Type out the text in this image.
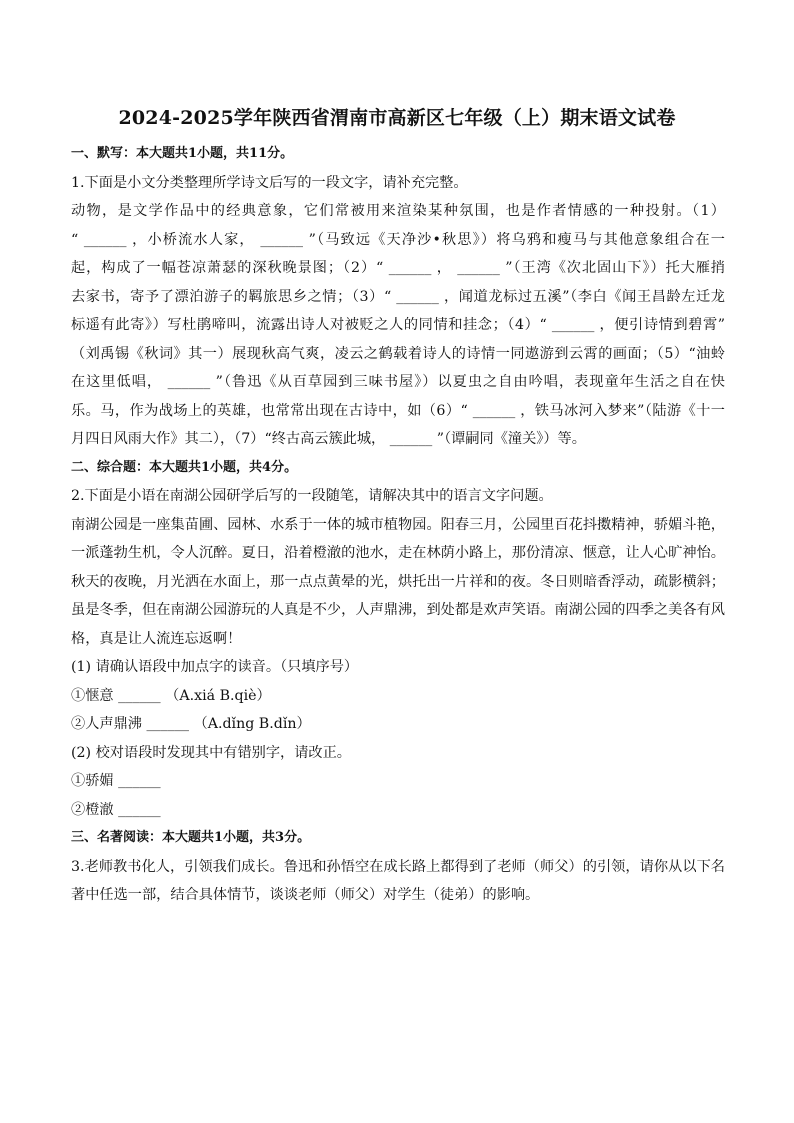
2024-2025学年陕西省渭南市高新区七年级（上）期末语文试卷
一、默写：本大题共1小题，共11分。
1.下面是小文分类整理所学诗文后写的一段文字，请补充完整。
动物，是文学作品中的经典意象，它们常被用来渲染某种氛围，也是作者情感的一种投射。（1）
“ ______ ，小桥流水人家， ______ ”（马致远《天净沙•秋思》）将乌鸦和瘦马与其他意象组合在一
起，构成了一幅苍凉萧瑟的深秋晚景图；（2）“ ______ ， ______ ”（王湾《次北固山下》）托大雁捎
去家书，寄予了漂泊游子的羁旅思乡之情；（3）“ ______ ，闻道龙标过五溪”（李白《闻王昌龄左迁龙
标遥有此寄》）写杜鹃啼叫，流露出诗人对被贬之人的同情和挂念；（4）“ ______ ，便引诗情到碧霄”
（刘禹锡《秋词》其一）展现秋高气爽，凌云之鹤载着诗人的诗情一同遨游到云霄的画面；（5）“油蛉
在这里低唱， ______ ”（鲁迅《从百草园到三味书屋》）以夏虫之自由吟唱，表现童年生活之自在快
乐。马，作为战场上的英雄，也常常出现在古诗中，如（6）“ ______ ，铁马冰河入梦来”（陆游《十一
月四日风雨大作》其二），（7）“终古高云簇此城， ______ ”（谭嗣同《潼关》）等。
二、综合题：本大题共1小题，共4分。
2.下面是小语在南湖公园研学后写的一段随笔，请解决其中的语言文字问题。
南湖公园是一座集苗圃、园林、水系于一体的城市植物园。阳春三月，公园里百花抖擞精神，骄媚斗艳，
一派蓬勃生机，令人沉醉。夏日，沿着橙澈的池水，走在林荫小路上，那份清凉、惬意，让人心旷神怡。
秋天的夜晚，月光洒在水面上，那一点点黄晕的光，烘托出一片祥和的夜。冬日则暗香浮动，疏影横斜；
虽是冬季，但在南湖公园游玩的人真是不少，人声鼎沸，到处都是欢声笑语。南湖公园的四季之美各有风
格，真是让人流连忘返啊！
(1) 请确认语段中加点字的读音。（只填序号）
①惬意 ______ （A.xiá B.qiè）
②人声鼎沸 ______ （A.dǐng B.dǐn）
(2) 校对语段时发现其中有错别字，请改正。
①骄媚 ______
②橙澈 ______
三、名著阅读：本大题共1小题，共3分。
3.老师教书化人，引领我们成长。鲁迅和孙悟空在成长路上都得到了老师（师父）的引领，请你从以下名
著中任选一部，结合具体情节，谈谈老师（师父）对学生（徒弟）的影响。
